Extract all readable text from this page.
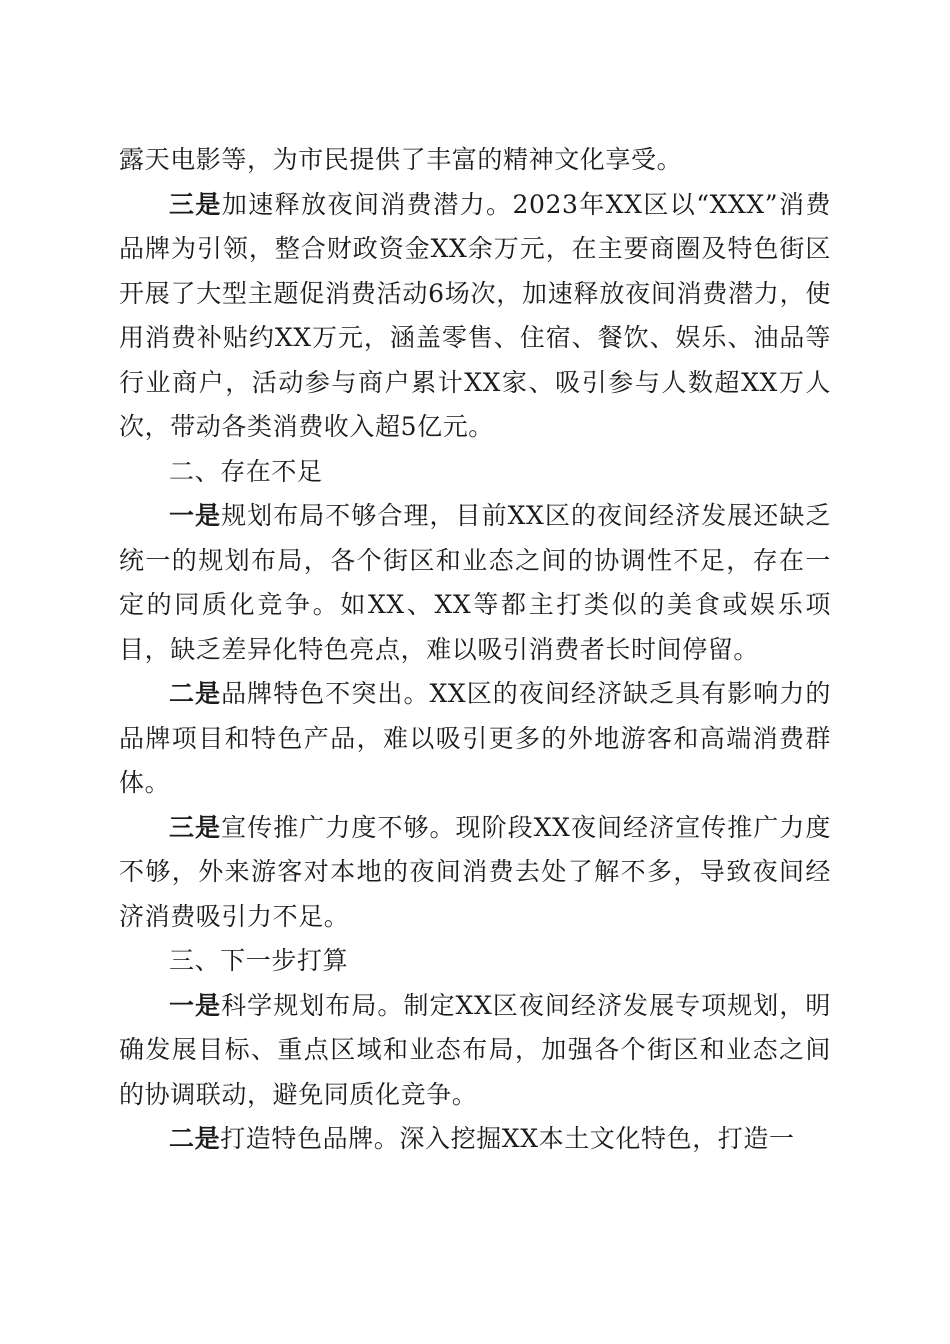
露天电影等，为市民提供了丰富的精神文化享受。

三是加速释放夜间消费潜力。2023年XX区以“XXX”消费品牌为引领，整合财政资金XX余万元，在主要商圈及特色街区开展了大型主题促消费活动6场次，加速释放夜间消费潜力，使用消费补贴约XX万元，涵盖零售、住宿、餐饮、娱乐、油品等行业商户，活动参与商户累计XX家、吸引参与人数超XX万人次，带动各类消费收入超5亿元。

二、存在不足

一是规划布局不够合理，目前XX区的夜间经济发展还缺乏统一的规划布局，各个街区和业态之间的协调性不足，存在一定的同质化竞争。如XX、XX等都主打类似的美食或娱乐项目，缺乏差异化特色亮点，难以吸引消费者长时间停留。

二是品牌特色不突出。XX区的夜间经济缺乏具有影响力的品牌项目和特色产品，难以吸引更多的外地游客和高端消费群体。

三是宣传推广力度不够。现阶段XX夜间经济宣传推广力度不够，外来游客对本地的夜间消费去处了解不多，导致夜间经济消费吸引力不足。

三、下一步打算

一是科学规划布局。制定XX区夜间经济发展专项规划，明确发展目标、重点区域和业态布局，加强各个街区和业态之间的协调联动，避免同质化竞争。

二是打造特色品牌。深入挖掘XX本土文化特色，打造一
